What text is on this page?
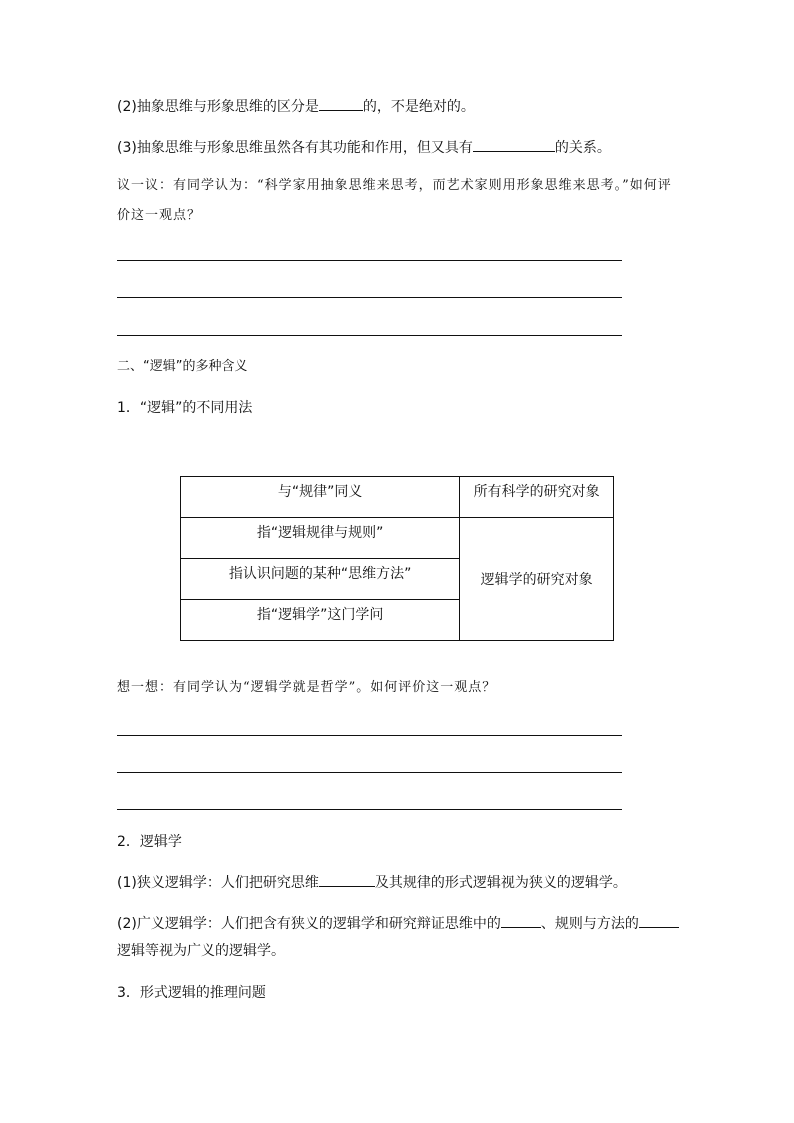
(2)抽象思维与形象思维的区分是	的，不是绝对的。
(3)抽象思维与形象思维虽然各有其功能和作用，但又具有	的关系。
议一议：有同学认为：“科学家用抽象思维来思考，而艺术家则用形象思维来思考。”如何评价这一观点？
二、“逻辑”的多种含义
1．“逻辑”的不同用法
与“规律”同义	所有科学的研究对象

指“逻辑规律与规则”	逻辑学的研究对象

指认识问题的某种“思维方法”	

指“逻辑学”这门学问	
想一想：有同学认为“逻辑学就是哲学”。如何评价这一观点？
2．逻辑学
(1)狭义逻辑学：人们把研究思维	及其规律的形式逻辑视为狭义的逻辑学。
(2)广义逻辑学：人们把含有狭义的逻辑学和研究辩证思维中的	、规则与方法的
逻辑等视为广义的逻辑学。
3．形式逻辑的推理问题
